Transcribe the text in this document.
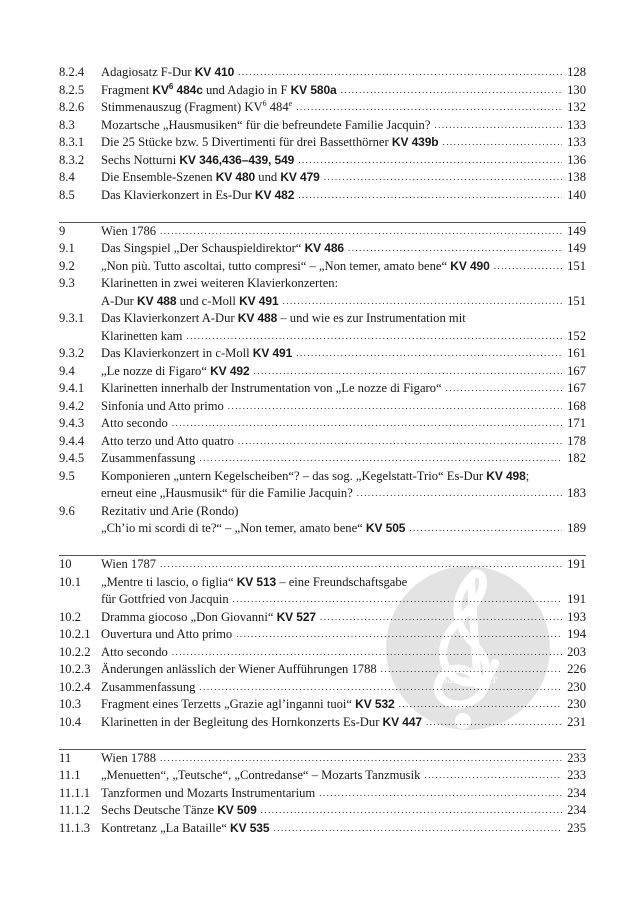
8.2.4 Adagiosatz F-Dur KV 410 . . .	128
8.2.5 Fragment $KV^6$ 484c und Adagio in F KV 580a . . .	130
8.2.6 Stimmenauszug (Fragment) $KV^6$ 484e . . .	132
8.3 Mozartsche „Hausmusiken“ für die befreundete Familie Jacquin? . . .	133
8.3.1 Die 25 Stücke bzw. 5 Divertimenti für drei Bassetthörner KV 439b . . .	133
8.3.2 Sechs Notturni KV 346,436–439, 549 . . .	136
8.4 Die Ensemble-Szenen KV 480 und KV 479 . . .	138
8.5 Das Klavierkonzert in Es-Dur KV 482 . . .	140
9	Wien 1786 . . .	149
9.1 Das Singspiel „Der Schauspieldirektor“ KV 486 . . .	149
9.2 „Non più. Tutto ascoltai, tutto compresi“ – „Non temer, amato bene“ KV 490 . . .	151
9.3 Klarinetten in zwei weiteren Klavierkonzerten:
A-Dur KV 488 und c-Moll KV 491 . . .	151
9.3.1 Das Klavierkonzert A-Dur KV 488 – und wie es zur Instrumentation mit
Klarinetten kam . . .	152
9.3.2 Das Klavierkonzert in c-Moll KV 491 . . .	161
9.4 „Le nozze di Figaro“ KV 492 . . .	167
9.4.1 Klarinetten innerhalb der Instrumentation von „Le nozze di Figaro“ . . .	167
9.4.2 Sinfonia und Atto primo . . .	168
9.4.3 Atto secondo . . .	171
9.4.4 Atto terzo und Atto quatro . . .	178
9.4.5 Zusammenfassung . . .	182
9.5 Komponieren „untern Kegelscheiben“? – das sog. „Kegelstatt-Trio“ Es-Dur KV 498;
erneut eine „Hausmusik“ für die Familie Jacquin? . . .	183
9.6 Rezitativ und Arie (Rondo)
„Ch’io mi scordi di te?“ – „Non temer, amato bene“ KV 505 . . .	189
10 Wien 1787 . . .	191
10.1 „Mentre ti lascio, o figlia“ KV 513 – eine Freundschaftsgabe
für Gottfried von Jacquin . . .	191
10.2 Dramma giocoso „Don Giovanni“ KV 527 . . .	193
10.2.1 Ouvertura und Atto primo . . .	194
10.2.2 Atto secondo . . .	203
10.2.3 Änderungen anlässlich der Wiener Aufführungen 1788 . . .	226
10.2.4 Zusammenfassung . . .	230
10.3 Fragment eines Terzetts „Grazie agl’inganni tuoi“ KV 532 . . .	230
10.4 Klarinetten in der Begleitung des Hornkonzerts Es-Dur KV 447 . . .	231
11 Wien 1788 . . .	233
11.1 „Menuetten“, „Teutsche“, „Contredanse“ – Mozarts Tanzmusik . . .	233
11.1.1 Tanzformen und Mozarts Instrumentarium . . .	234
11.1.2 Sechs Deutsche Tänze KV 509 . . .	234
11.1.3 Kontretanz „La Bataille“ KV 535 . . .	235
Bärenreiter
